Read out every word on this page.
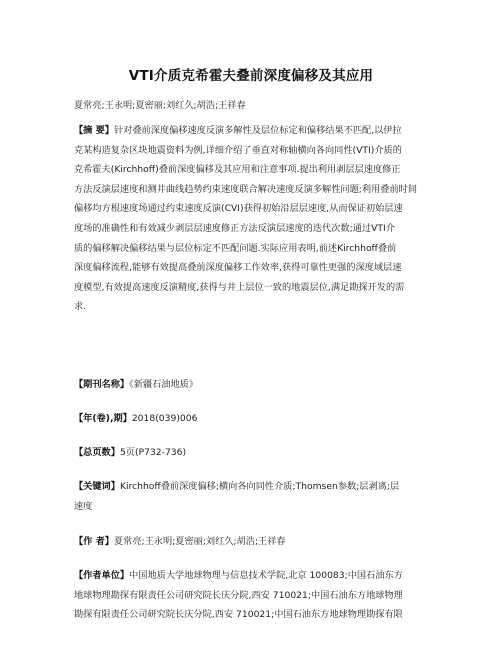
VTI介质克希霍夫叠前深度偏移及其应用
夏常亮;王永明;夏密丽;刘红久;胡浩;王祥春
【摘 要】针对叠前深度偏移速度反演多解性及层位标定和偏移结果不匹配,以伊拉
克某构造复杂区块地震资料为例,详细介绍了垂直对称轴横向各向同性(VTI)介质的
克希霍夫(Kirchhoff)叠前深度偏移及其应用和注意事项.提出利用剥层层速度修正
方法反演层速度和测井曲线趋势约束速度联合解决速度反演多解性问题;利用叠前时间
偏移均方根速度场通过约束速度反演(CVI)获得初始沿层层速度,从而保证初始层速
度场的准确性和有效减少剥层层速度修正方法反演层速度的迭代次数;通过VTI介
质的偏移解决偏移结果与层位标定不匹配问题.实际应用表明,前述Kirchhoff叠前
深度偏移流程,能够有效提高叠前深度偏移工作效率,获得可靠性更强的深度域层速
度模型,有效提高速度反演精度,获得与井上层位一致的地震层位,满足勘探开发的需
求.
【期刊名称】《新疆石油地质》
【年(卷),期】2018(039)006
【总页数】5页(P732-736)
【关键词】Kirchhoff叠前深度偏移;横向各向同性介质;Thomsen参数;层剥离;层
速度
【作 者】夏常亮;王永明;夏密丽;刘红久;胡浩;王祥春
【作者单位】中国地质大学地球物理与信息技术学院,北京 100083;中国石油东方
地球物理勘探有限责任公司研究院长庆分院,西安 710021;中国石油东方地球物理
勘探有限责任公司研究院长庆分院,西安 710021;中国石油东方地球物理勘探有限
